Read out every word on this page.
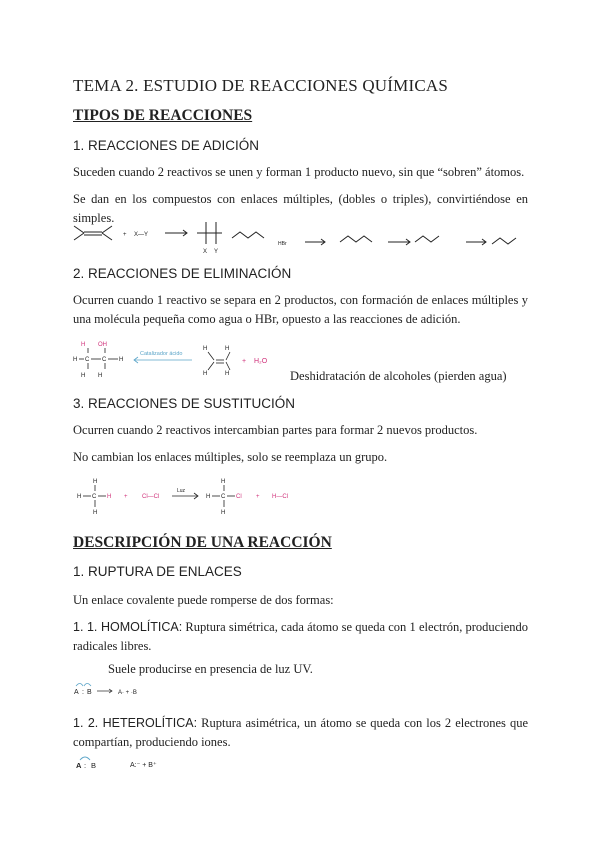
TEMA 2. ESTUDIO DE REACCIONES QUÍMICAS
TIPOS DE REACCIONES
1. REACCIONES DE ADICIÓN
Suceden cuando 2 reactivos se unen y forman 1 producto nuevo, sin que “sobren” átomos.
Se dan en los compuestos con enlaces múltiples, (dobles o triples), convirtiéndose en simples.
+ X—Y
X Y
HBr
2. REACCIONES DE ELIMINACIÓN
Ocurren cuando 1 reactivo se separa en 2 productos, con formación de enlaces múltiples y una molécula pequeña como agua o HBr, opuesto a las reacciones de adición.
H OH
H C C H
H H
H
H
H
H
Catalizador ácido
+ H₂O
Deshidratación de alcoholes (pierden agua)
3. REACCIONES DE SUSTITUCIÓN
Ocurren cuando 2 reactivos intercambian partes para formar 2 nuevos productos.
No cambian los enlaces múltiples, solo se reemplaza un grupo.
H
H C
H
H
H C
H
H + Cl—Cl	Cl + H—Cl
Luz
DESCRIPCIÓN DE UNA REACCIÓN
1. RUPTURA DE ENLACES
Un enlace covalente puede romperse de dos formas:
1. 1. HOMOLÍTICA: Ruptura simétrica, cada átomo se queda con 1 electrón, produciendo radicales libres.
Suele producirse en presencia de luz UV.
A : B	A· + ·B
1. 2. HETEROLÍTICA: Ruptura asimétrica, un átomo se queda con los 2 electrones que compartían, produciendo iones.
A : B	A:⁻ + B⁺
